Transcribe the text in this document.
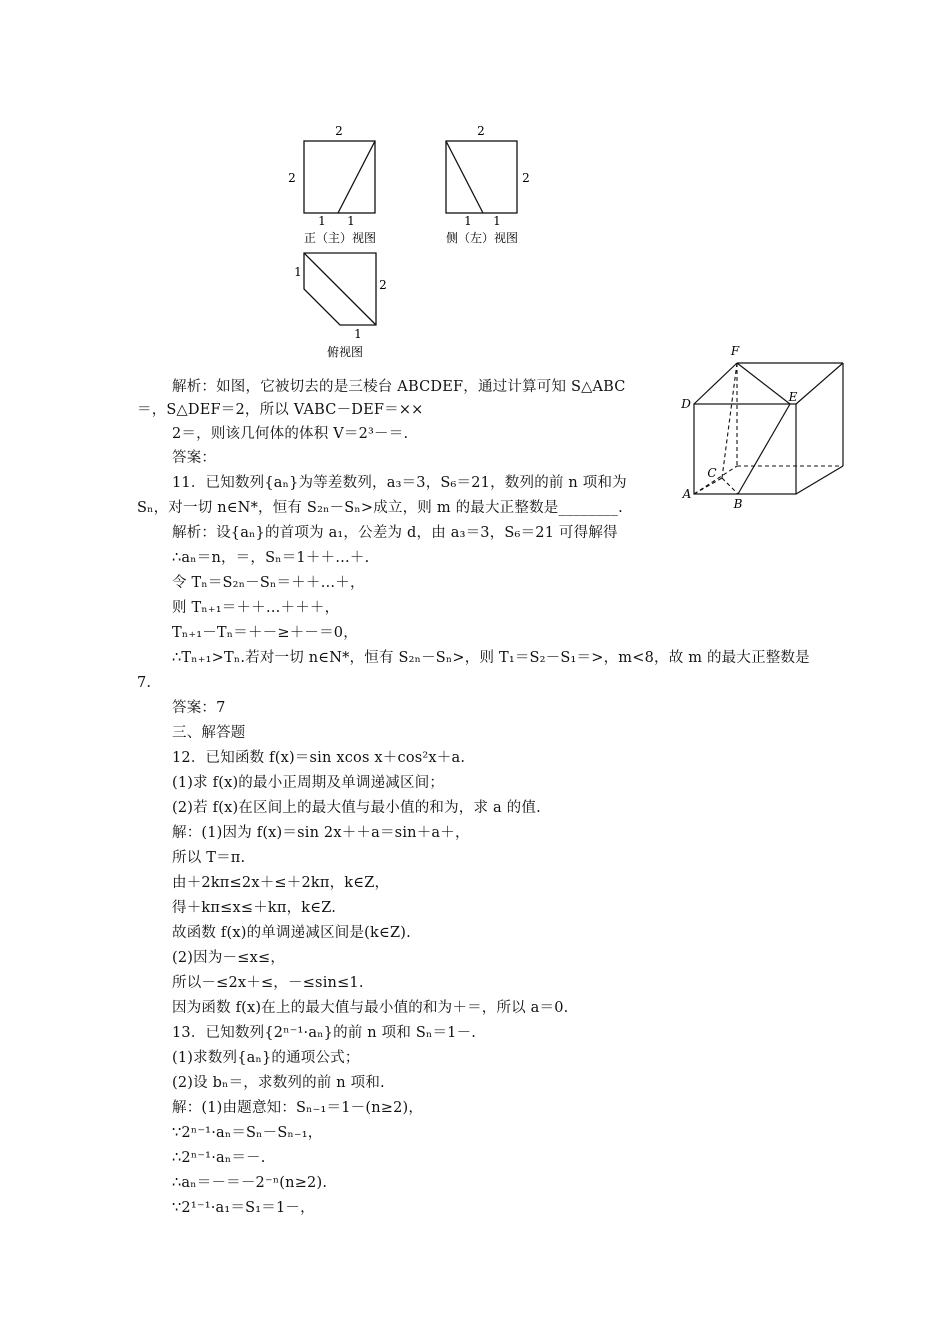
2
2
1 1
正（主）视图
2
2
1 1
侧（左）视图
1
2
1
俯视图	F
D	E
C
A
B
解析：如图，它被切去的是三棱台 ABCDEF，通过计算可知 S△ABC
＝，S△DEF＝2，所以 VABC－DEF＝××
2＝，则该几何体的体积 V＝2³－＝.
答案：
11．已知数列{aₙ}为等差数列，a₃＝3，S₆＝21，数列的前 n 项和为
Sₙ，对一切 n∈N*，恒有 S₂ₙ－Sₙ>成立，则 m 的最大正整数是________.
解析：设{aₙ}的首项为 a₁，公差为 d，由 a₃＝3，S₆＝21 可得解得
∴aₙ＝n，＝，Sₙ＝1＋＋…＋.
令 Tₙ＝S₂ₙ－Sₙ＝＋＋…＋，
则 Tₙ₊₁＝＋＋…＋＋＋，
Tₙ₊₁－Tₙ＝＋－≥＋－＝0，
∴Tₙ₊₁>Tₙ.若对一切 n∈N*，恒有 S₂ₙ－Sₙ>，则 T₁＝S₂－S₁＝>，m<8，故 m 的最大正整数是
7.
答案：7
三、解答题
12．已知函数 f(x)＝sin xcos x＋cos²x＋a.
(1)求 f(x)的最小正周期及单调递减区间；
(2)若 f(x)在区间上的最大值与最小值的和为，求 a 的值.
解：(1)因为 f(x)＝sin 2x＋＋a＝sin＋a＋，
所以 T＝π.
由＋2kπ≤2x＋≤＋2kπ，k∈Z，
得＋kπ≤x≤＋kπ，k∈Z.
故函数 f(x)的单调递减区间是(k∈Z).
(2)因为－≤x≤，
所以－≤2x＋≤，－≤sin≤1.
因为函数 f(x)在上的最大值与最小值的和为＋＝，所以 a＝0.
13．已知数列{2ⁿ⁻¹·aₙ}的前 n 项和 Sₙ＝1－.
(1)求数列{aₙ}的通项公式；
(2)设 bₙ＝，求数列的前 n 项和.
解：(1)由题意知：Sₙ₋₁＝1－(n≥2)，
∵2ⁿ⁻¹·aₙ＝Sₙ－Sₙ₋₁，
∴2ⁿ⁻¹·aₙ＝－.
∴aₙ＝－＝－2⁻ⁿ(n≥2).
∵2¹⁻¹·a₁＝S₁＝1－，
